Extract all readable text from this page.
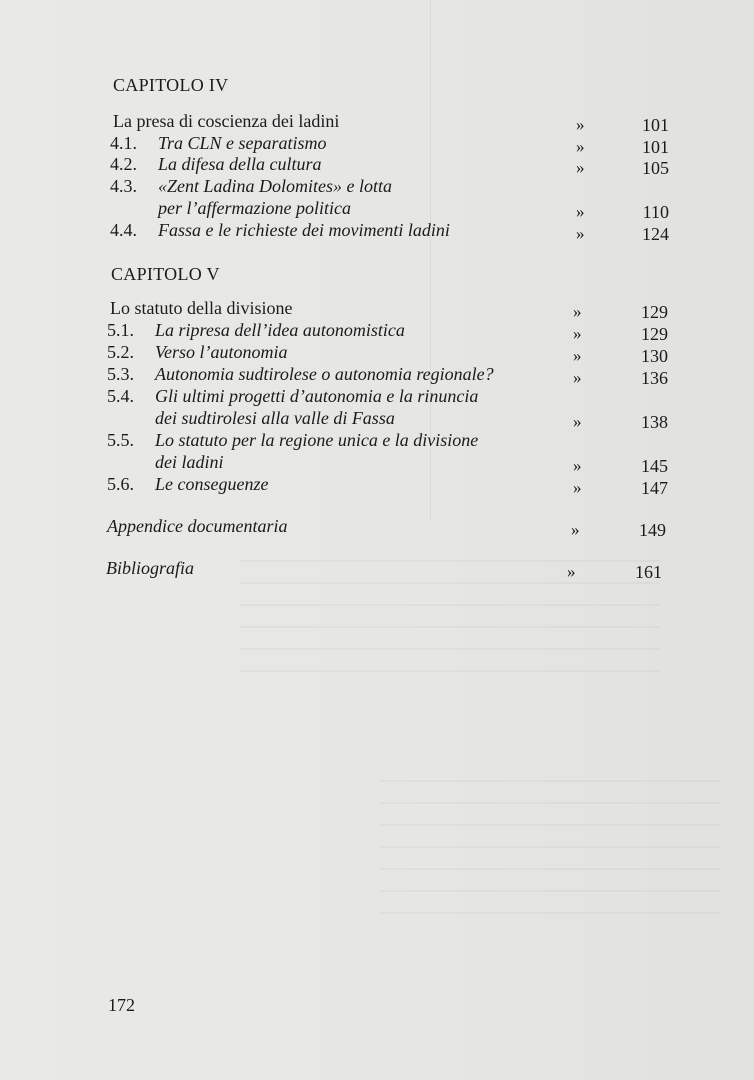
CAPITOLO IV
La presa di coscienza dei ladini	»	101
4.1. Tra CLN e separatismo	»	101
4.2. La difesa della cultura	»	105
4.3. «Zent Ladina Dolomites» e lotta
per l’affermazione politica	»	110
4.4. Fassa e le richieste dei movimenti ladini	»	124
CAPITOLO V
Lo statuto della divisione	»	129
5.1. La ripresa dell’idea autonomistica	»	129
5.2. Verso l’autonomia	»	130
5.3. Autonomia sudtirolese o autonomia regionale?	»	136
5.4. Gli ultimi progetti d’autonomia e la rinuncia
dei sudtirolesi alla valle di Fassa	»	138
5.5. Lo statuto per la regione unica e la divisione
dei ladini	»	145
5.6. Le conseguenze	»	147
Appendice documentaria	»	149
Bibliografia	»	161
172
